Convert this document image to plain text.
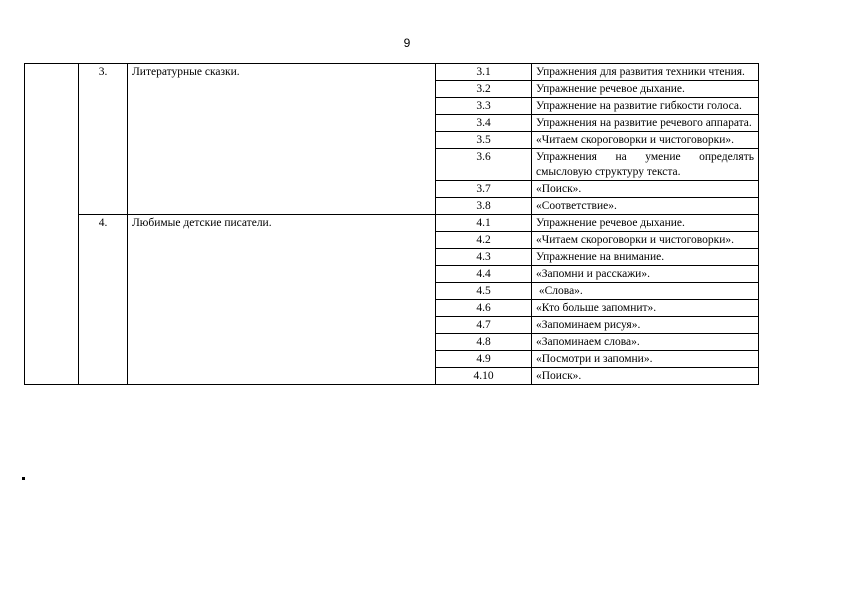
9
	3.	Литературные сказки.	3.1	Упражнения для развития техники чтения.
			3.2	Упражнение речевое дыхание.
			3.3	Упражнение на развитие гибкости голоса.
			3.4	Упражнения на развитие речевого аппарата.
			3.5	«Читаем скороговорки и чистоговорки».
			3.6	Упражнения на умение определять смысловую структуру текста.
			3.7	«Поиск».
			3.8	«Соответствие».
	4.	Любимые детские писатели.	4.1	Упражнение речевое дыхание.
			4.2	«Читаем скороговорки и чистоговорки».
			4.3	Упражнение на внимание.
			4.4	«Запомни и расскажи».
			4.5	«Слова».
			4.6	«Кто больше запомнит».
			4.7	«Запоминаем рисуя».
			4.8	«Запоминаем слова».
			4.9	«Посмотри и запомни».
			4.10	«Поиск».
